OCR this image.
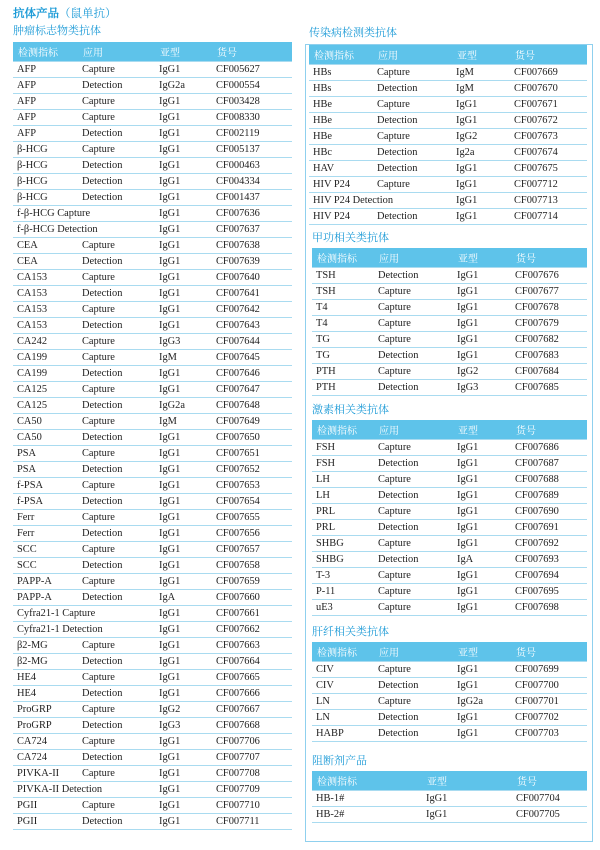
抗体产品（鼠单抗）
肿瘤标志物类抗体
检测指标	应用	亚型	货号
AFP	Capture	IgG1	CF005627
AFP	Detection	IgG2a	CF000554
AFP	Capture	IgG1	CF003428
AFP	Capture	IgG1	CF008330
AFP	Detection	IgG1	CF002119
β-HCG	Capture	IgG1	CF005137
β-HCG	Detection	IgG1	CF000463
β-HCG	Detection	IgG1	CF004334
β-HCG	Detection	IgG1	CF001437
f-β-HCG Capture		IgG1	CF007636
f-β-HCG Detection		IgG1	CF007637
CEA	Capture	IgG1	CF007638
CEA	Detection	IgG1	CF007639
CA153	Capture	IgG1	CF007640
CA153	Detection	IgG1	CF007641
CA153	Capture	IgG1	CF007642
CA153	Detection	IgG1	CF007643
CA242	Capture	IgG3	CF007644
CA199	Capture	IgM	CF007645
CA199	Detection	IgG1	CF007646
CA125	Capture	IgG1	CF007647
CA125	Detection	IgG2a	CF007648
CA50	Capture	IgM	CF007649
CA50	Detection	IgG1	CF007650
PSA	Capture	IgG1	CF007651
PSA	Detection	IgG1	CF007652
f-PSA	Capture	IgG1	CF007653
f-PSA	Detection	IgG1	CF007654
Ferr	Capture	IgG1	CF007655
Ferr	Detection	IgG1	CF007656
SCC	Capture	IgG1	CF007657
SCC	Detection	IgG1	CF007658
PAPP-A	Capture	IgG1	CF007659
PAPP-A	Detection	IgA	CF007660
Cyfra21-1 Capture		IgG1	CF007661
Cyfra21-1 Detection		IgG1	CF007662
β2-MG	Capture	IgG1	CF007663
β2-MG	Detection	IgG1	CF007664
HE4	Capture	IgG1	CF007665
HE4	Detection	IgG1	CF007666
ProGRP	Capture	IgG2	CF007667
ProGRP	Detection	IgG3	CF007668
CA724	Capture	IgG1	CF007706
CA724	Detection	IgG1	CF007707
PIVKA-II	Capture	IgG1	CF007708
PIVKA-II Detection		IgG1	CF007709
PGII	Capture	IgG1	CF007710
PGII	Detection	IgG1	CF007711
传染病检测类抗体
检测指标	应用	亚型	货号
HBs	Capture	IgM	CF007669
HBs	Detection	IgM	CF007670
HBe	Capture	IgG1	CF007671
HBe	Detection	IgG1	CF007672
HBe	Capture	IgG2	CF007673
HBc	Detection	Ig2a	CF007674
HAV	Detection	IgG1	CF007675
HIV P24	Capture	IgG1	CF007712
HIV P24 Detection		IgG1	CF007713
HIV P24	Detection	IgG1	CF007714
甲功相关类抗体
检测指标	应用	亚型	货号
TSH	Detection	IgG1	CF007676
TSH	Capture	IgG1	CF007677
T4	Capture	IgG1	CF007678
T4	Capture	IgG1	CF007679
TG	Capture	IgG1	CF007682
TG	Detection	IgG1	CF007683
PTH	Capture	IgG2	CF007684
PTH	Detection	IgG3	CF007685
激素相关类抗体
检测指标	应用	亚型	货号
FSH	Capture	IgG1	CF007686
FSH	Detection	IgG1	CF007687
LH	Capture	IgG1	CF007688
LH	Detection	IgG1	CF007689
PRL	Capture	IgG1	CF007690
PRL	Detection	IgG1	CF007691
SHBG	Capture	IgG1	CF007692
SHBG	Detection	IgA	CF007693
T-3	Capture	IgG1	CF007694
P-11	Capture	IgG1	CF007695
uE3	Capture	IgG1	CF007698
肝纤相关类抗体
检测指标	应用	亚型	货号
CIV	Capture	IgG1	CF007699
CIV	Detection	IgG1	CF007700
LN	Capture	IgG2a	CF007701
LN	Detection	IgG1	CF007702
HABP	Detection	IgG1	CF007703
阻断剂产品
检测指标	亚型	货号
HB-1#	IgG1	CF007704
HB-2#	IgG1	CF007705
